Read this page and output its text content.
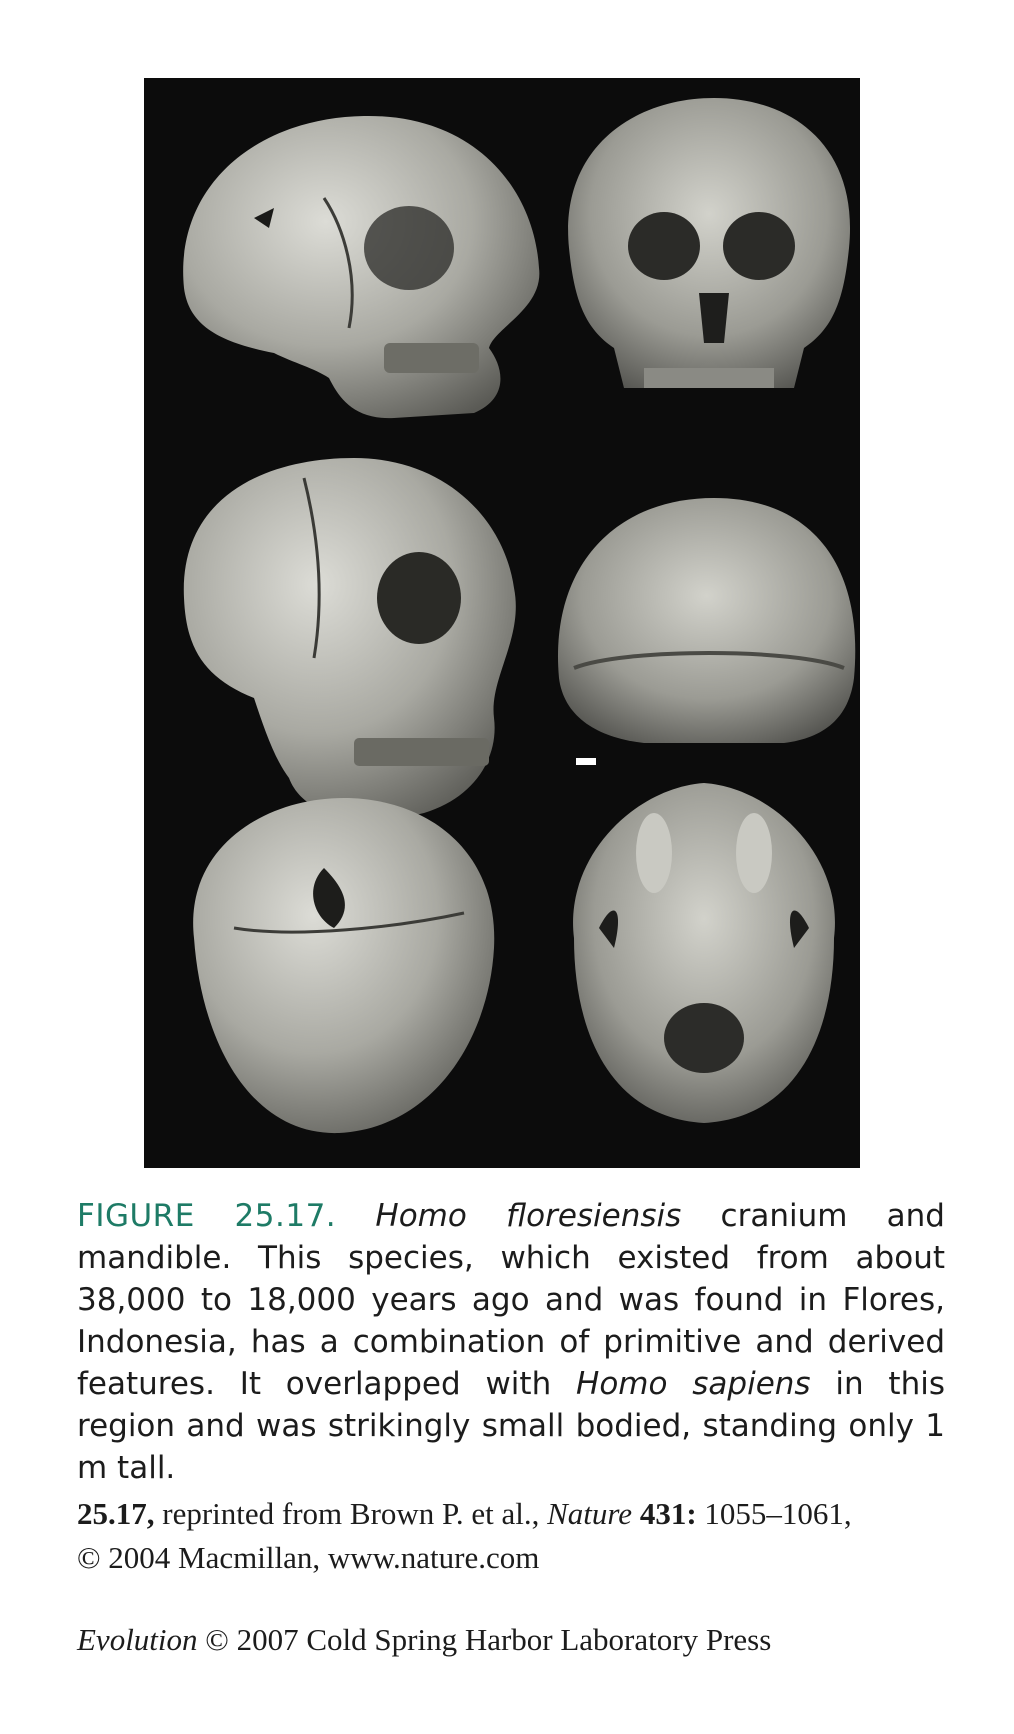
FIGURE 25.17. Homo floresiensis cranium and mandible. This species, which existed from about 38,000 to 18,000 years ago and was found in Flores, Indonesia, has a combination of primitive and derived features. It overlapped with Homo sapiens in this region and was strikingly small bodied, standing only 1 m tall.
25.17, reprinted from Brown P. et al., Nature 431: 1055–1061,
© 2004 Macmillan, www.nature.com
Evolution © 2007 Cold Spring Harbor Laboratory Press
